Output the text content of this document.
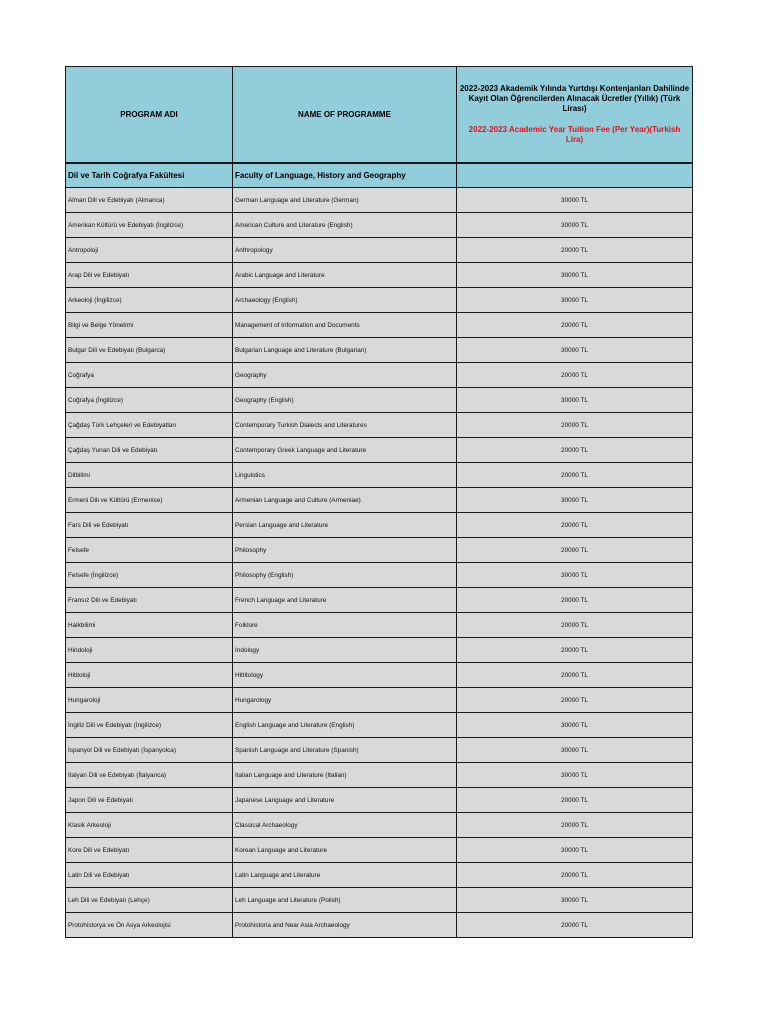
PROGRAM ADI	NAME OF PROGRAMME	2022-2023 Akademik Yılında Yurtdışı Kontenjanları Dahilinde Kayıt Olan Öğrencilerden Alınacak Ücretler (Yıllık) (Türk Lirası)
2022-2023 Academic Year Tuition Fee (Per Year)(Turkish Lira)

Dil ve Tarih Coğrafya Fakültesi	Faculty of Language, History and Geography	
Alman Dili ve Edebiyatı (Almanca)	German Language and Literature (German)	30000 TL
Amerikan Kültürü ve Edebiyatı (İngilizce)	American Culture and Literature (English)	30000 TL
Antropoloji	Anthropology	20000 TL
Arap Dili ve Edebiyatı	Arabic Language and Literature	30000 TL
Arkeoloji (İngilizce)	Archaeology (English)	30000 TL
Bilgi ve Belge Yönetimi	Management of Information and Documents	20000 TL
Bulgar Dili ve Edebiyatı (Bulgarca)	Bulgarian Language and Literature (Bulgarian)	30000 TL
Coğrafya	Geography	20000 TL
Coğrafya (İngilizce)	Geography (English)	30000 TL
Çağdaş Türk Lehçeleri ve Edebiyatları	Contemporary Turkish Dialects and Literatures	20000 TL
Çağdaş Yunan Dili ve Edebiyatı	Contemporary Greek Language and Literature	20000 TL
Dilbilimi	Linguistics	20000 TL
Ermeni Dili ve Kültürü (Ermenice)	Armenian Language and Culture (Armeniae)	30000 TL
Fars Dili ve Edebiyatı	Persian Language and Literature	20000 TL
Felsefe	Philosophy	20000 TL
Felsefe (İngilizce)	Philosophy (English)	30000 TL
Fransız Dili ve Edebiyatı	French Language and Literature	20000 TL
Halkbilimi	Folklore	20000 TL
Hindoloji	Indology	20000 TL
Hititoloji	Hittitology	20000 TL
Hungaroloji	Hungarology	20000 TL
İngiliz Dili ve Edebiyatı (İngilizce)	English Language and Literature (English)	30000 TL
İspanyol Dili ve Edebiyatı (İspanyolca)	Spanish Language and Literature (Spanish)	30000 TL
İtalyan Dili ve Edebiyatı (İtalyanca)	Italian Language and Literature (Italian)	30000 TL
Japon Dili ve Edebiyatı	Japanese Language and Literature	20000 TL
Klasik Arkeoloji	Classical Archaeology	20000 TL
Kore Dili ve Edebiyatı	Korean Language and Literature	30000 TL
Latin Dili ve Edebiyatı	Latin Language and Literature	20000 TL
Leh Dili ve Edebiyatı (Lehçe)	Leh Language and Literature (Polish)	30000 TL
Protohistorya ve Ön Asya Arkeolojisi	Protohistoria and Near Asia Archaeology	20000 TL
